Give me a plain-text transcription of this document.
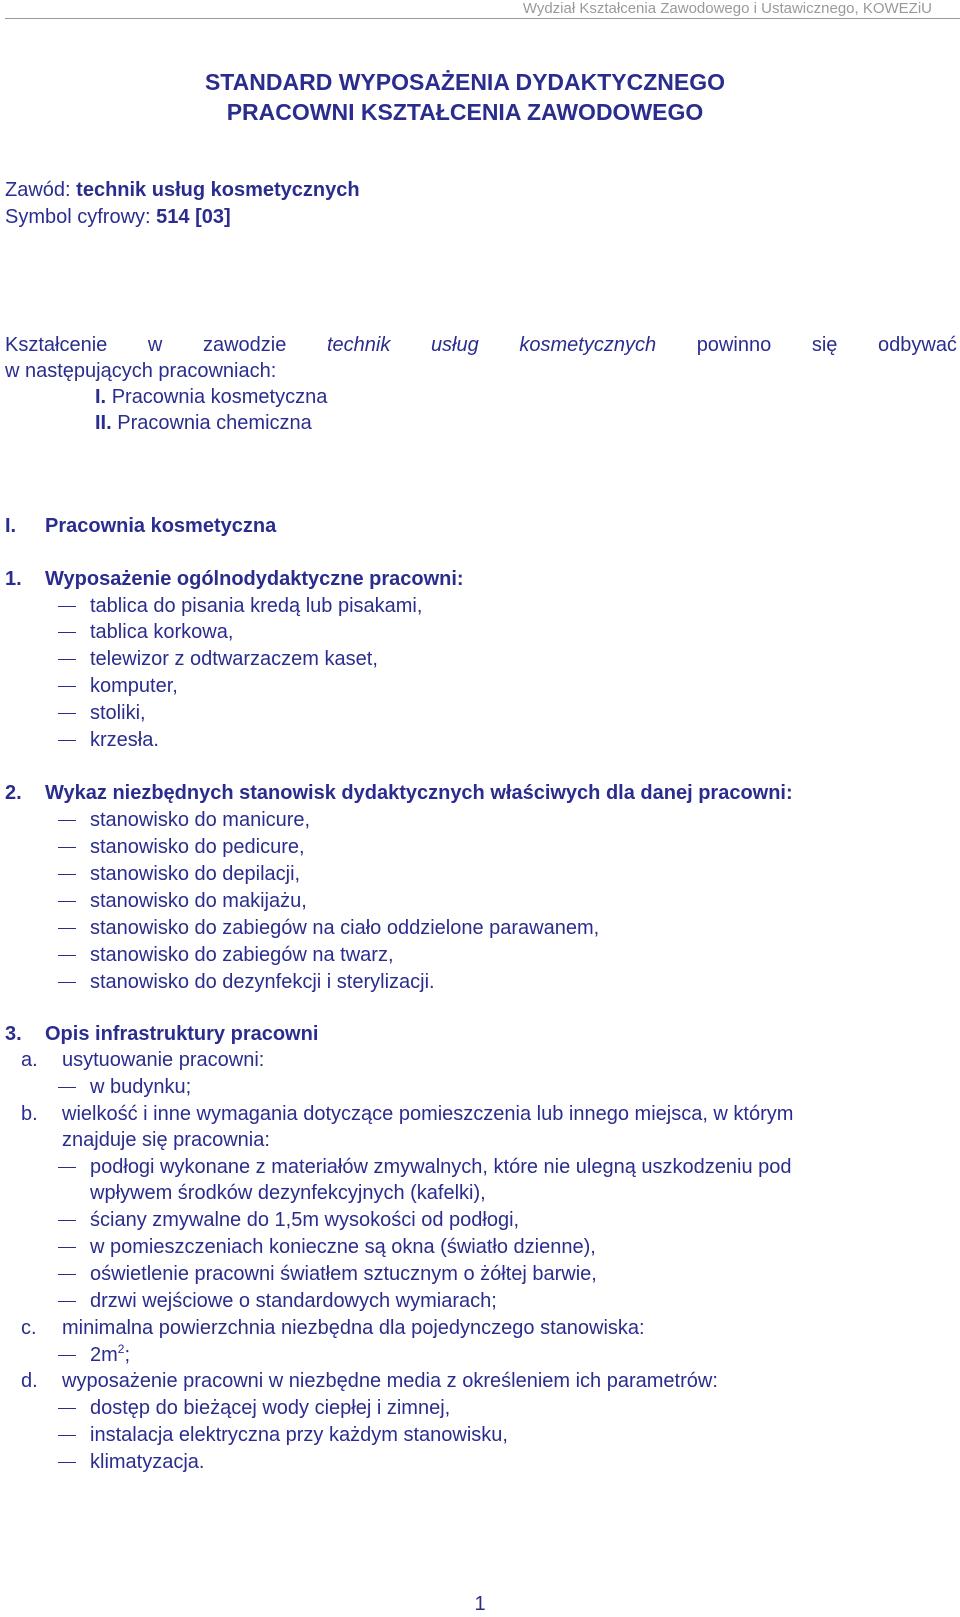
Wydział Kształcenia Zawodowego i Ustawicznego, KOWEZiU
STANDARD WYPOSAŻENIA DYDAKTYCZNEGO
PRACOWNI KSZTAŁCENIA ZAWODOWEGO
Zawód: technik usług kosmetycznych
Symbol cyfrowy: 514 [03]
Kształcenie w zawodzie technik usług kosmetycznych powinno się odbywać
w następujących pracowniach:
I. Pracownia kosmetyczna
II. Pracownia chemiczna
I. Pracownia kosmetyczna
1. Wyposażenie ogólnodydaktyczne pracowni:
tablica do pisania kredą lub pisakami,
tablica korkowa,
telewizor z odtwarzaczem kaset,
komputer,
stoliki,
krzesła.
2. Wykaz niezbędnych stanowisk dydaktycznych właściwych dla danej pracowni:
stanowisko do manicure,
stanowisko do pedicure,
stanowisko do depilacji,
stanowisko do makijażu,
stanowisko do zabiegów na ciało oddzielone parawanem,
stanowisko do zabiegów na twarz,
stanowisko do dezynfekcji i sterylizacji.
3. Opis infrastruktury pracowni
a. usytuowanie pracowni:
w budynku;
b. wielkość i inne wymagania dotyczące pomieszczenia lub innego miejsca, w którym
znajduje się pracownia:
podłogi wykonane z materiałów zmywalnych, które nie ulegną uszkodzeniu pod
wpływem środków dezynfekcyjnych (kafelki),
ściany zmywalne do 1,5m wysokości od podłogi,
w pomieszczeniach konieczne są okna (światło dzienne),
oświetlenie pracowni światłem sztucznym o żółtej barwie,
drzwi wejściowe o standardowych wymiarach;
c. minimalna powierzchnia niezbędna dla pojedynczego stanowiska:
$2m^2$;
d. wyposażenie pracowni w niezbędne media z określeniem ich parametrów:
dostęp do bieżącej wody ciepłej i zimnej,
instalacja elektryczna przy każdym stanowisku,
klimatyzacja.
1
